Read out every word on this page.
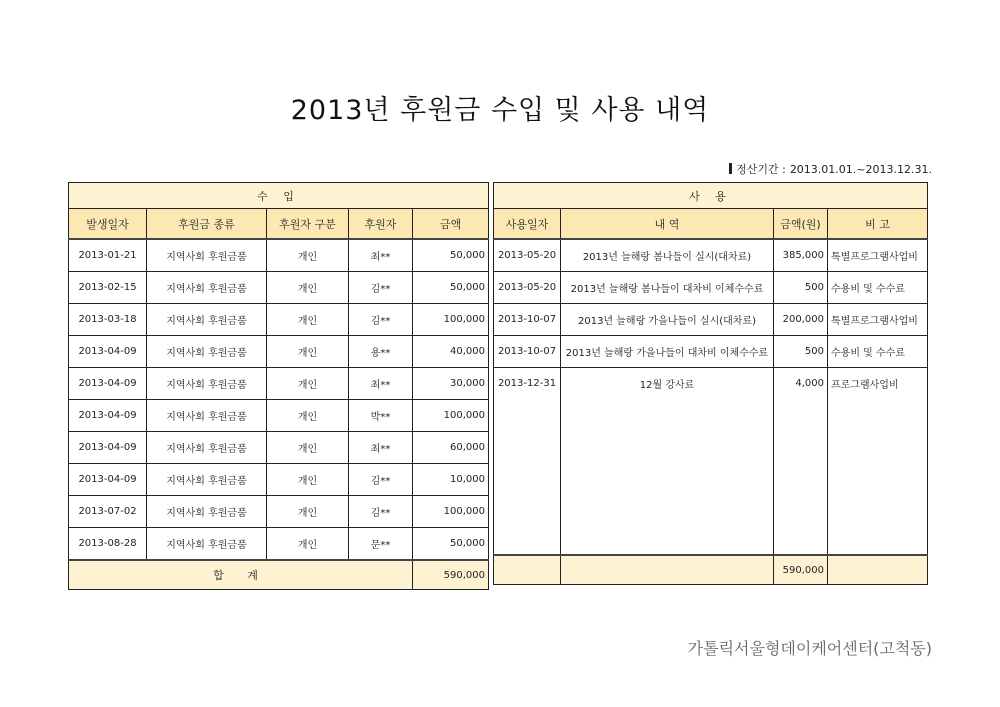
2013년 후원금 수입 및 사용 내역
정산기간 : 2013.01.01.~2013.12.31.
수 입				
발생일자	후원금 종류	후원자 구분	후원자	금액
2013-01-21	지역사회 후원금품	개인	최**	50,000
2013-02-15	지역사회 후원금품	개인	김**	50,000
2013-03-18	지역사회 후원금품	개인	김**	100,000
2013-04-09	지역사회 후원금품	개인	용**	40,000
2013-04-09	지역사회 후원금품	개인	최**	30,000
2013-04-09	지역사회 후원금품	개인	박**	100,000
2013-04-09	지역사회 후원금품	개인	최**	60,000
2013-04-09	지역사회 후원금품	개인	김**	10,000
2013-07-02	지역사회 후원금품	개인	김**	100,000
2013-08-28	지역사회 후원금품	개인	문**	50,000
합 계				590,000
사 용			
사용일자	내 역	금액(원)	비 고
2013-05-20	2013년 늘해랑 봄나들이 실시(대차료)	385,000	특별프로그램사업비
2013-05-20	2013년 늘해랑 봄나들이 대차비 이체수수료	500	수용비 및 수수료
2013-10-07	2013년 늘해랑 가을나들이 실시(대차료)	200,000	특별프로그램사업비
2013-10-07	2013년 늘해랑 가을나들이 대차비 이체수수료	500	수용비 및 수수료
2013-12-31	12월 강사료	4,000	프로그램사업비

		590,000	
가톨릭서울형데이케어센터(고척동)
